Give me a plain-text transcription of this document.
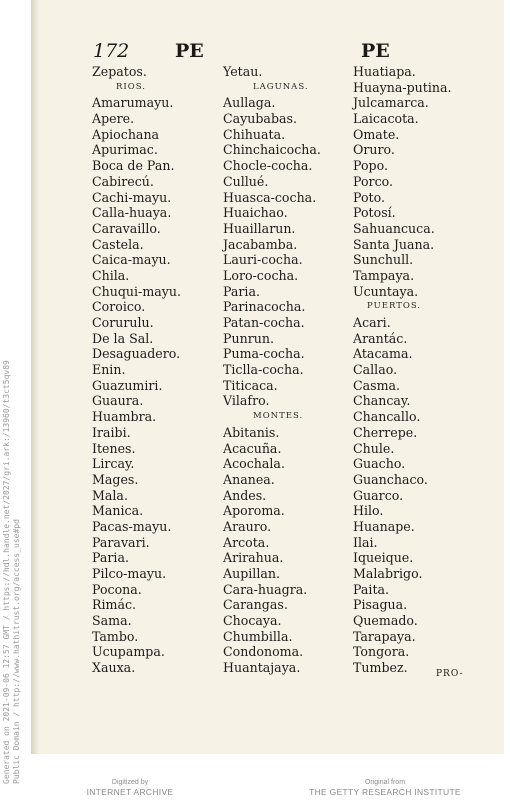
172 PE	PE
Zepatos.
RIOS.
Amarumayu.
Apere.
Apiochana
Apurimac.
Boca de Pan.
Cabirecú.
Cachi-mayu.
Calla-huaya.
Caravaillo.
Castela.
Caica-mayu.
Chila.
Chuqui-mayu.
Coroico.
Corurulu.
De la Sal.
Desaguadero.
Enin.
Guazumiri.
Guaura.
Huambra.
Iraibi.
Itenes.
Lircay.
Mages.
Mala.
Manica.
Pacas-mayu.
Paravari.
Paria.
Pilco-mayu.
Pocona.
Rimác.
Sama.
Tambo.
Ucupampa.
Xauxa.
Yetau.
LAGUNAS.
Aullaga.
Cayubabas.
Chihuata.
Chinchaicocha.
Chocle-cocha.
Cullué.
Huasca-cocha.
Huaichao.
Huaillarun.
Jacabamba.
Lauri-cocha.
Loro-cocha.
Paria.
Parinacocha.
Patan-cocha.
Punrun.
Puma-cocha.
Ticlla-cocha.
Titicaca.
Vilafro.
MONTES.
Abitanis.
Acacuña.
Acochala.
Ananea.
Andes.
Aporoma.
Arauro.
Arcota.
Arirahua.
Aupillan.
Cara-huagra.
Carangas.
Chocaya.
Chumbilla.
Condonoma.
Huantajaya.
Huatiapa.
Huayna-putina.
Julcamarca.
Laicacota.
Omate.
Oruro.
Popo.
Porco.
Poto.
Potosí.
Sahuancuca.
Santa Juana.
Sunchull.
Tampaya.
Ucuntaya.
PUERTOS.
Acari.
Arantác.
Atacama.
Callao.
Casma.
Chancay.
Chancallo.
Cherrepe.
Chule.
Guacho.
Guanchaco.
Guarco.
Hilo.
Huanape.
Ilai.
Iqueique.
Malabrigo.
Paita.
Pisagua.
Quemado.
Tarapaya.
Tongora.
Tumbez.	PRO-
Generated on 2021-09-06 12:57 GMT / https://hdl.handle.net/2027/gri.ark:/13960/t3ct5qv89 Public Domain / http://www.hathitrust.org/access_use#pd	Digitized by
INTERNET ARCHIVE
Original from
THE GETTY RESEARCH INSTITUTE
